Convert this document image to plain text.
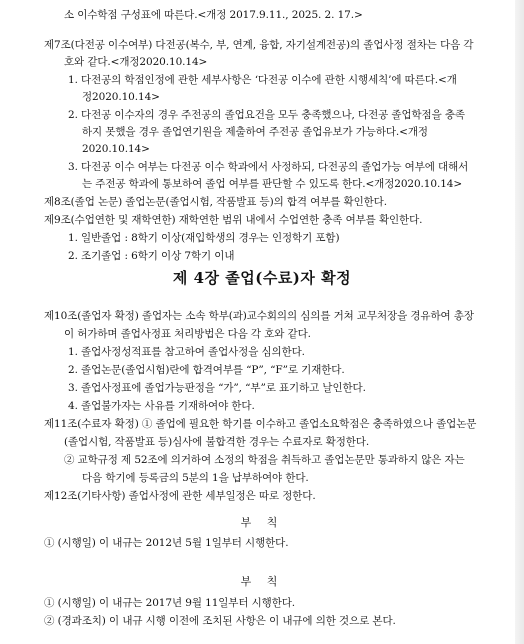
제 4장 졸업(수료)자 확정
부 칙
부 칙
소 이수학점 구성표에 따른다.<개정 2017.9.11., 2025. 2. 17.>
제7조(다전공 이수여부) 다전공(복수, 부, 연계, 융합, 자기설계전공)의 졸업사정 절차는 다음 각
호와 같다.<개정2020.10.14>
1. 다전공의 학점인정에 관한 세부사항은 ‘다전공 이수에 관한 시행세칙’에 따른다.<개
정2020.10.14>
2. 다전공 이수자의 경우 주전공의 졸업요건을 모두 충족했으나, 다전공 졸업학점을 충족
하지 못했을 경우 졸업연기원을 제출하여 주전공 졸업유보가 가능하다.<개정
2020.10.14>
3. 다전공 이수 여부는 다전공 이수 학과에서 사정하되, 다전공의 졸업가능 여부에 대해서
는 주전공 학과에 통보하여 졸업 여부를 판단할 수 있도록 한다.<개정2020.10.14>
제8조(졸업 논문) 졸업논문(졸업시험, 작품발표 등)의 합격 여부를 확인한다.
제9조(수업연한 및 재학연한) 재학연한 범위 내에서 수업연한 충족 여부를 확인한다.
1. 일반졸업 : 8학기 이상(재입학생의 경우는 인정학기 포함)
2. 조기졸업 : 6학기 이상 7학기 이내
제10조(졸업자 확정) 졸업자는 소속 학부(과)교수회의의 심의를 거쳐 교무처장을 경유하여 총장
이 허가하며 졸업사정표 처리방법은 다음 각 호와 같다.
1. 졸업사정성적표를 참고하여 졸업사정을 심의한다.
2. 졸업논문(졸업시험)란에 합격여부를 “P”, “F”로 기재한다.
3. 졸업사정표에 졸업가능판정을 “가”, “부”로 표기하고 날인한다.
4. 졸업불가자는 사유를 기재하여야 한다.
제11조(수료자 확정) ① 졸업에 필요한 학기를 이수하고 졸업소요학점은 충족하였으나 졸업논문
(졸업시험, 작품발표 등)심사에 불합격한 경우는 수료자로 확정한다.
② 교학규정 제 52조에 의거하여 소정의 학점을 취득하고 졸업논문만 통과하지 않은 자는
다음 학기에 등록금의 5분의 1을 납부하여야 한다.
제12조(기타사항) 졸업사정에 관한 세부일정은 따로 정한다.
① (시행일) 이 내규는 2012년 5월 1일부터 시행한다.
① (시행일) 이 내규는 2017년 9월 11일부터 시행한다.
② (경과조치) 이 내규 시행 이전에 조치된 사항은 이 내규에 의한 것으로 본다.
